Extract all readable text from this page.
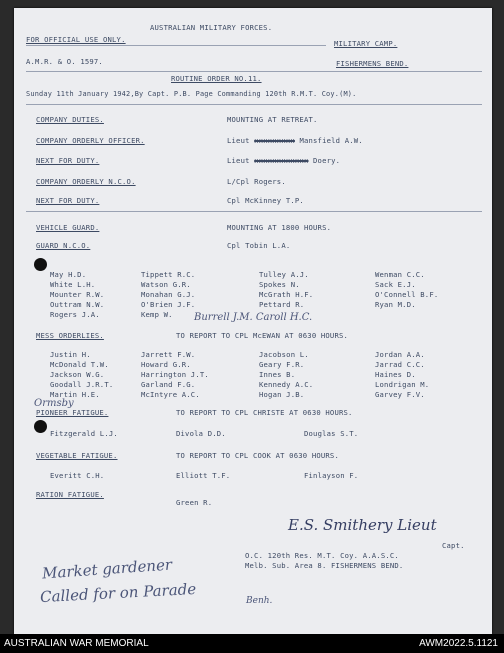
AUSTRALIAN MILITARY FORCES.
FOR OFFICIAL USE ONLY.
A.M.R. & O. 1597.
MILITARY CAMP.
FISHERMENS BEND.
ROUTINE ORDER NO.11.
Sunday 11th January 1942,By Capt. P.B. Page Commanding 120th R.M.T. Coy.(M).
COMPANY DUTIES.	MOUNTING AT RETREAT.
COMPANY ORDERLY OFFICER.	Lieut xxxxxxxxx Mansfield A.W.
NEXT FOR DUTY.	Lieut xxxxxxxxxxxx Doery.
COMPANY ORDERLY N.C.O.	L/Cpl Rogers.
NEXT FOR DUTY.	Cpl McKinney T.P.
VEHICLE GUARD.	MOUNTING AT 1800 HOURS.
GUARD N.C.O.	Cpl Tobin L.A.
May H.D.	Tippett R.C.	Tulley A.J.	Wenman C.C.
White L.H.	Watson G.R.	Spokes N.	Sack E.J.
Mounter R.W.	Monahan G.J.	McGrath H.F.	O'Connell B.F.
Outtram N.W.	O'Brien J.F.	Pettard R.	Ryan M.D.
Rogers J.A.	Kemp W. Burrell J.M. Caroll H.C.
MESS ORDERLIES.	TO REPORT TO CPL McEWAN AT 0630 HOURS.
Justin H.	Jarrett F.W.	Jacobson L.	Jordan A.A.
McDonald T.W.	Howard G.R.	Geary F.R.	Jarrad C.C.
Jackson W.G.	Harrington J.T.	Innes B.	Haines D.
Goodall J.R.T.	Garland F.G.	Kennedy A.C.	Londrigan M.
Martin H.E.	McIntyre A.C.	Hogan J.B.	Garvey F.V.
Ormsby
PIONEER FATIGUE.	TO REPORT TO CPL CHRISTE AT 0630 HOURS.
Fitzgerald L.J.	Divola D.D.	Douglas S.T.
VEGETABLE FATIGUE.	TO REPORT TO CPL COOK AT 0630 HOURS.
Everitt C.H.	Elliott T.F.	Finlayson F.
RATION FATIGUE.
Green R.
E.S. Smithery Lieut
Capt.
O.C. 120th Res. M.T. Coy. A.A.S.C.
Melb. Sub. Area 8. FISHERMENS BEND.
Market gardener
Called for on Parade	Benh.
AUSTRALIAN WAR MEMORIAL	AWM2022.5.1121
